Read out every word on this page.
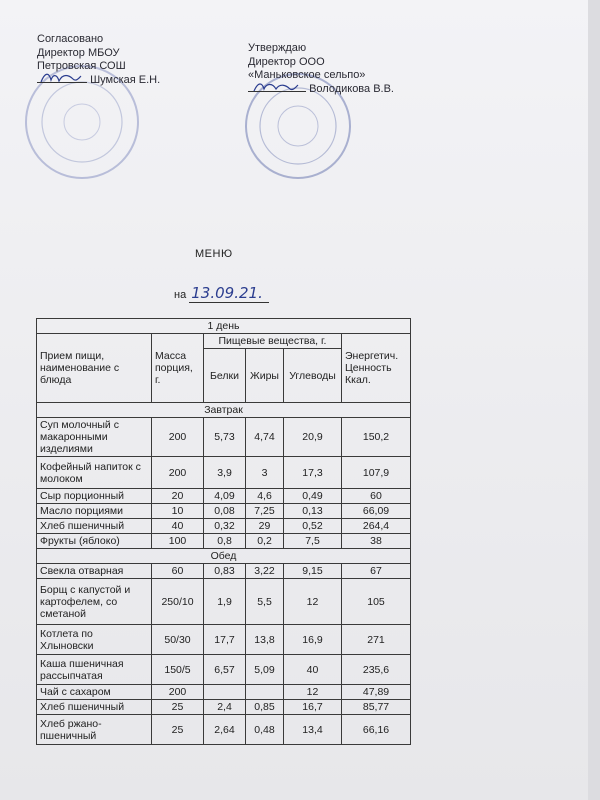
Согласовано
Директор МБОУ
Петровская СОШ
Шумская Е.Н.
Утверждаю
Директор ООО
«Маньковское сельпо»
Володикова В.В.
МЕНЮ
на 13.09.21.
1 день					
Прием пищи, наименование с блюда	Масса порция, г.	Пищевые вещества, г.			Энергетич. Ценность Ккал.
		Белки	Жиры	Углеводы	
Завтрак					
Суп молочный с макаронными изделиями	200	5,73	4,74	20,9	150,2
Кофейный напиток с молоком	200	3,9	3	17,3	107,9
Сыр порционный	20	4,09	4,6	0,49	60
Масло порциями	10	0,08	7,25	0,13	66,09
Хлеб пшеничный	40	0,32	29	0,52	264,4
Фрукты (яблоко)	100	0,8	0,2	7,5	38
Обед					
Свекла отварная	60	0,83	3,22	9,15	67
Борщ с капустой и картофелем, со сметаной	250/10	1,9	5,5	12	105
Котлета по Хлыновски	50/30	17,7	13,8	16,9	271
Каша пшеничная рассыпчатая	150/5	6,57	5,09	40	235,6
Чай с сахаром	200			12	47,89
Хлеб пшеничный	25	2,4	0,85	16,7	85,77
Хлеб ржано-пшеничный	25	2,64	0,48	13,4	66,16
